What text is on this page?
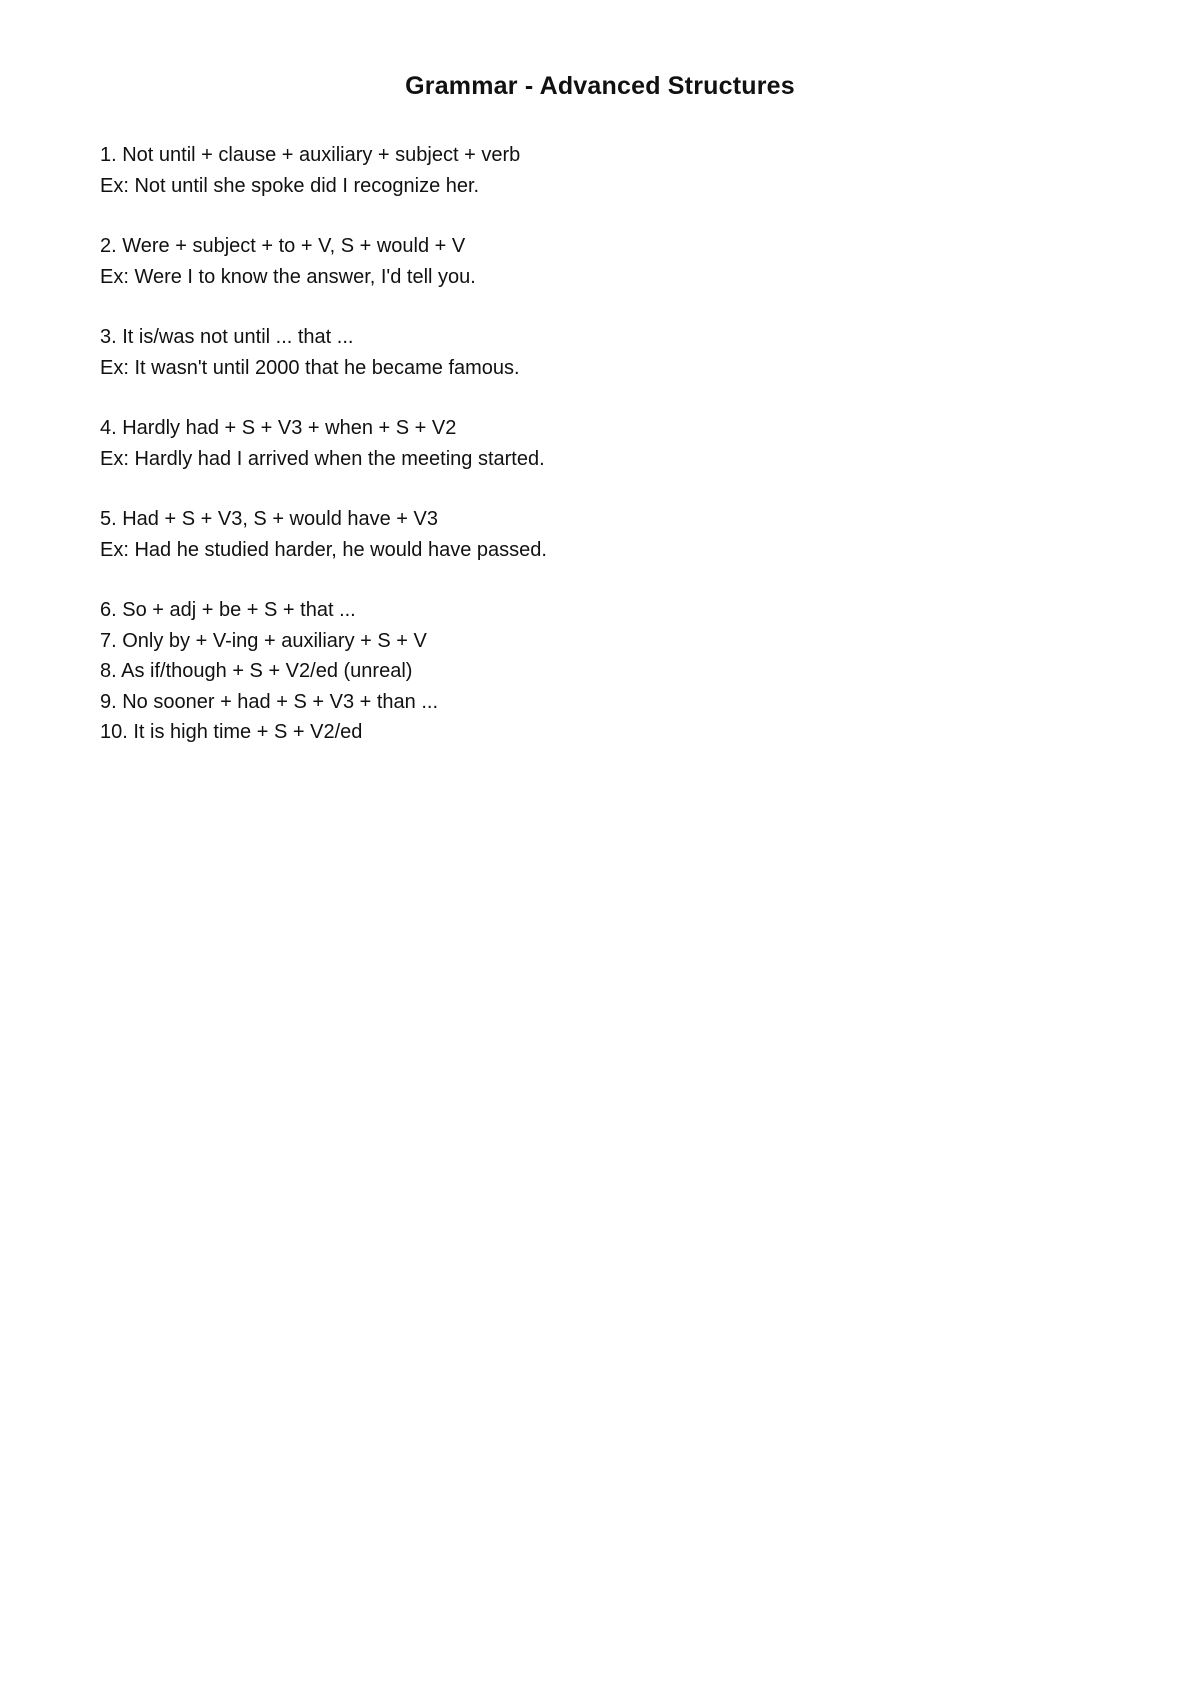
Grammar - Advanced Structures
1. Not until + clause + auxiliary + subject + verb
Ex: Not until she spoke did I recognize her.
2. Were + subject + to + V, S + would + V
Ex: Were I to know the answer, I'd tell you.
3. It is/was not until ... that ...
Ex: It wasn't until 2000 that he became famous.
4. Hardly had + S + V3 + when + S + V2
Ex: Hardly had I arrived when the meeting started.
5. Had + S + V3, S + would have + V3
Ex: Had he studied harder, he would have passed.
6. So + adj + be + S + that ...
7. Only by + V-ing + auxiliary + S + V
8. As if/though + S + V2/ed (unreal)
9. No sooner + had + S + V3 + than ...
10. It is high time + S + V2/ed
